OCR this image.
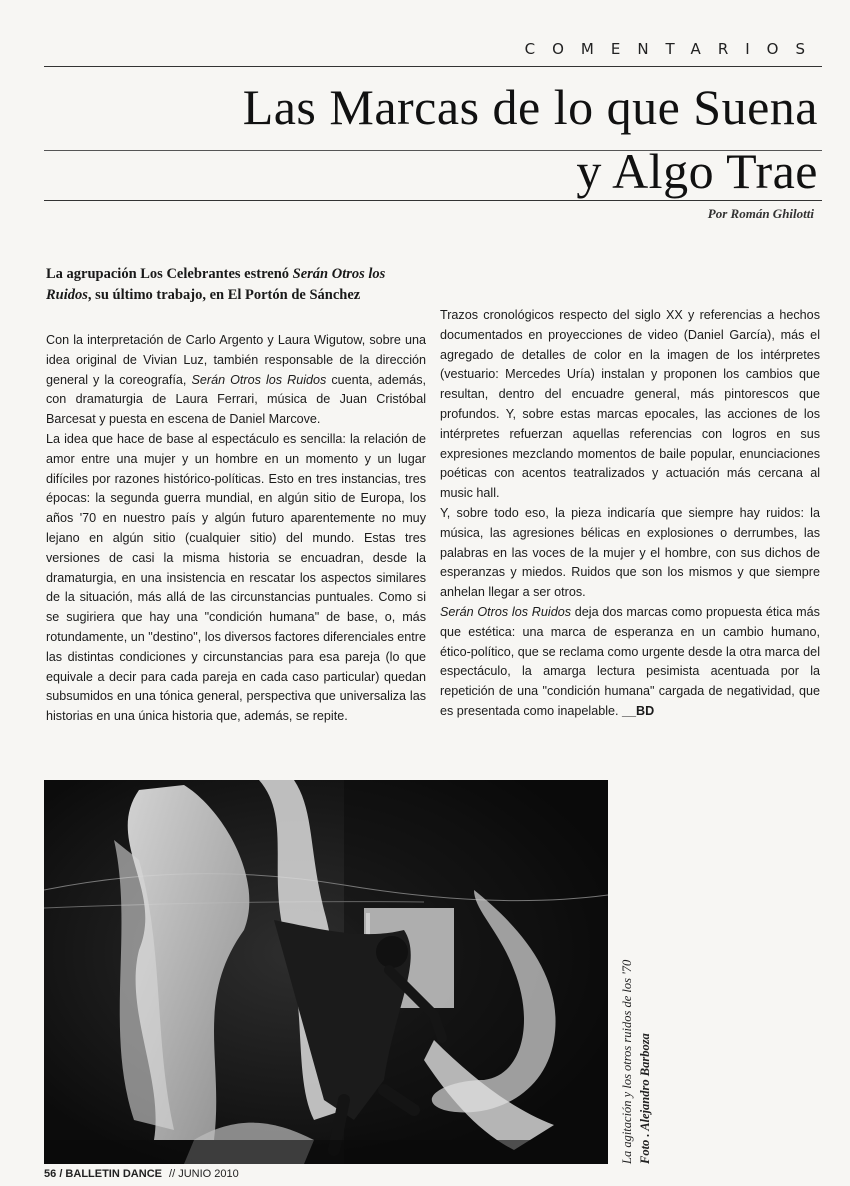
COMENTARIOS
Las Marcas de lo que Suena
y Algo Trae
Por Román Ghilotti
La agrupación Los Celebrantes estrenó Serán Otros los Ruidos, su último trabajo, en El Portón de Sánchez

Con la interpretación de Carlo Argento y Laura Wigutow, sobre una idea original de Vivian Luz, también responsable de la dirección general y la coreografía, Serán Otros los Ruidos cuenta, además, con dramaturgia de Laura Ferrari, música de Juan Cristóbal Barcesat y puesta en escena de Daniel Marcove.

La idea que hace de base al espectáculo es sencilla: la relación de amor entre una mujer y un hombre en un momento y un lugar difíciles por razones histórico-políticas. Esto en tres instancias, tres épocas: la segunda guerra mundial, en algún sitio de Europa, los años '70 en nuestro país y algún futuro aparentemente no muy lejano en algún sitio (cualquier sitio) del mundo. Estas tres versiones de casi la misma historia se encuadran, desde la dramaturgia, en una insistencia en rescatar los aspectos similares de la situación, más allá de las circunstancias puntuales. Como si se sugiriera que hay una "condición humana" de base, o, más rotundamente, un "destino", los diversos factores diferenciales entre las distintas condiciones y circunstancias para esa pareja (lo que equivale a decir para cada pareja en cada caso particular) quedan subsumidos en una tónica general, perspectiva que universaliza las historias en una única historia que, además, se repite.

Trazos cronológicos respecto del siglo XX y referencias a hechos documentados en proyecciones de video (Daniel García), más el agregado de detalles de color en la imagen de los intérpretes (vestuario: Mercedes Uría) instalan y proponen los cambios que resultan, dentro del encuadre general, más pintorescos que profundos. Y, sobre estas marcas epocales, las acciones de los intérpretes refuerzan aquellas referencias con logros en sus expresiones mezclando momentos de baile popular, enunciaciones poéticas con acentos teatralizados y actuación más cercana al music hall.

Y, sobre todo eso, la pieza indicaría que siempre hay ruidos: la música, las agresiones bélicas en explosiones o derrumbes, las palabras en las voces de la mujer y el hombre, con sus dichos de esperanzas y miedos. Ruidos que son los mismos y que siempre anhelan llegar a ser otros.

Serán Otros los Ruidos deja dos marcas como propuesta ética más que estética: una marca de esperanza en un cambio humano, ético-político, que se reclama como urgente desde la otra marca del espectáculo, la amarga lectura pesimista acentuada por la repetición de una "condición humana" cargada de negatividad, que es presentada como inapelable. __BD

La agitación y los otros ruidos de los '70 Foto . Alejandro Barboza
56 / BALLETIN DANCE // JUNIO 2010
